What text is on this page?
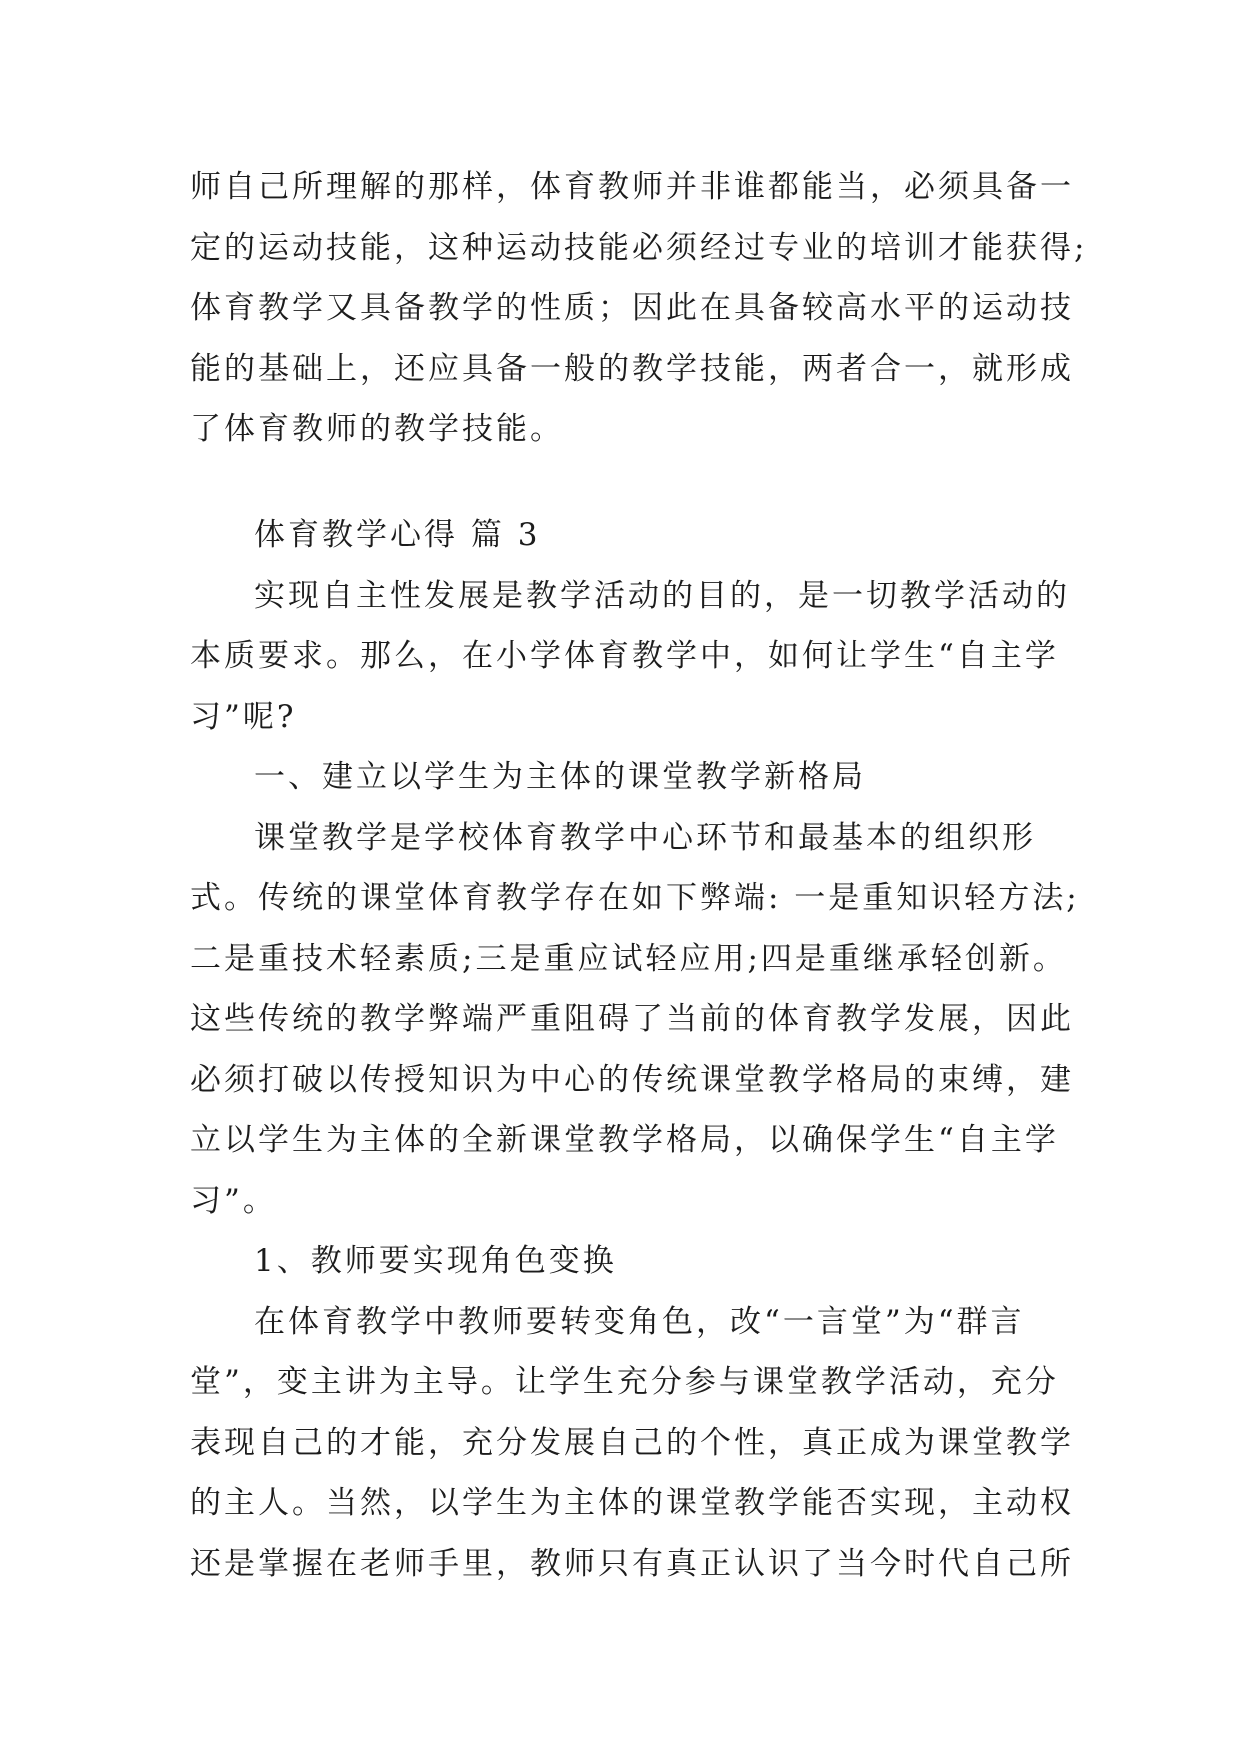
师自己所理解的那样，体育教师并非谁都能当，必须具备一
定的运动技能，这种运动技能必须经过专业的培训才能获得;
体育教学又具备教学的性质；因此在具备较高水平的运动技
能的基础上，还应具备一般的教学技能，两者合一，就形成
了体育教师的教学技能。
体育教学心得 篇 3
实现自主性发展是教学活动的目的，是一切教学活动的
本质要求。那么，在小学体育教学中，如何让学生“自主学
习”呢?
一、建立以学生为主体的课堂教学新格局
课堂教学是学校体育教学中心环节和最基本的组织形
式。传统的课堂体育教学存在如下弊端: 一是重知识轻方法;
二是重技术轻素质;三是重应试轻应用;四是重继承轻创新。
这些传统的教学弊端严重阻碍了当前的体育教学发展，因此
必须打破以传授知识为中心的传统课堂教学格局的束缚，建
立以学生为主体的全新课堂教学格局，以确保学生“自主学
习”。
1、教师要实现角色变换
在体育教学中教师要转变角色，改“一言堂”为“群言
堂”，变主讲为主导。让学生充分参与课堂教学活动，充分
表现自己的才能，充分发展自己的个性，真正成为课堂教学
的主人。当然，以学生为主体的课堂教学能否实现，主动权
还是掌握在老师手里，教师只有真正认识了当今时代自己所
